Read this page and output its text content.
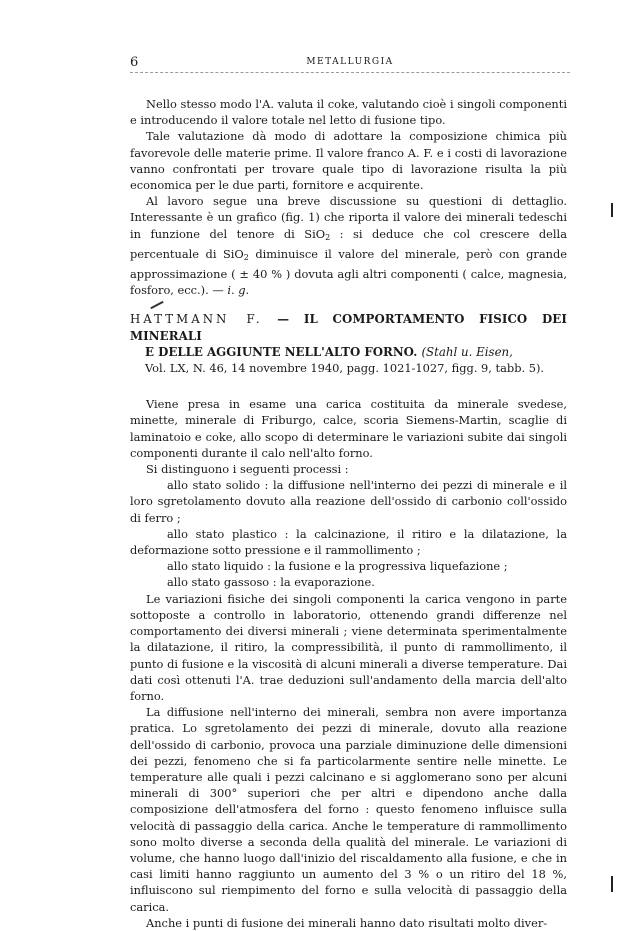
6	METALLURGIA

Nello stesso modo l'A. valuta il coke, valutando cioè i singoli componenti e introducendo il valore totale nel letto di fusione tipo.

Tale valutazione dà modo di adottare la composizione chimica più favorevole delle materie prime. Il valore franco A. F. e i costi di lavorazione vanno confrontati per trovare quale tipo di lavorazione risulta la più economica per le due parti, fornitore e acquirente.

Al lavoro segue una breve discussione su questioni di dettaglio. Interessante è un grafico (fig. 1) che riporta il valore dei minerali tedeschi in funzione del tenore di SiO$_2$ : si deduce che col crescere della percentuale di SiO$_2$ diminuisce il valore del minerale, però con grande approssimazione ( ± 40 % ) dovuta agli altri componenti ( calce, magnesia, fosforo, ecc.). — i. g.

HATTMANN F. — IL COMPORTAMENTO FISICO DEI MINERALI
E DELLE AGGIUNTE NELL'ALTO FORNO. (Stahl u. Eisen,
Vol. LX, N. 46, 14 novembre 1940, pagg. 1021-1027, figg. 9, tabb. 5).

Viene presa in esame una carica costituita da minerale svedese, minette, minerale di Friburgo, calce, scoria Siemens-Martin, scaglie di laminatoio e coke, allo scopo di determinare le variazioni subite dai singoli componenti durante il calo nell'alto forno.

Si distinguono i seguenti processi :

allo stato solido : la diffusione nell'interno dei pezzi di minerale e il loro sgretolamento dovuto alla reazione dell'ossido di carbonio coll'ossido di ferro ;

allo stato plastico : la calcinazione, il ritiro e la dilatazione, la deformazione sotto pressione e il rammollimento ;

allo stato liquido : la fusione e la progressiva liquefazione ;

allo stato gassoso : la evaporazione.

Le variazioni fisiche dei singoli componenti la carica vengono in parte sottoposte a controllo in laboratorio, ottenendo grandi differenze nel comportamento dei diversi minerali ; viene determinata sperimentalmente la dilatazione, il ritiro, la compressibilità, il punto di rammollimento, il punto di fusione e la viscosità di alcuni minerali a diverse temperature. Dai dati così ottenuti l'A. trae deduzioni sull'andamento della marcia dell'alto forno.

La diffusione nell'interno dei minerali, sembra non avere importanza pratica. Lo sgretolamento dei pezzi di minerale, dovuto alla reazione dell'ossido di carbonio, provoca una parziale diminuzione delle dimensioni dei pezzi, fenomeno che si fa particolarmente sentire nelle minette. Le temperature alle quali i pezzi calcinano e si agglomerano sono per alcuni minerali di 300° superiori che per altri e dipendono anche dalla composizione dell'atmosfera del forno : questo fenomeno influisce sulla velocità di passaggio della carica. Anche le temperature di rammollimento sono molto diverse a seconda della qualità del minerale. Le variazioni di volume, che hanno luogo dall'inizio del riscaldamento alla fusione, e che in casi limiti hanno raggiunto un aumento del 3 % o un ritiro del 18 %, influiscono sul riempimento del forno e sulla velocità di passaggio della carica.

Anche i punti di fusione dei minerali hanno dato risultati molto diver-
